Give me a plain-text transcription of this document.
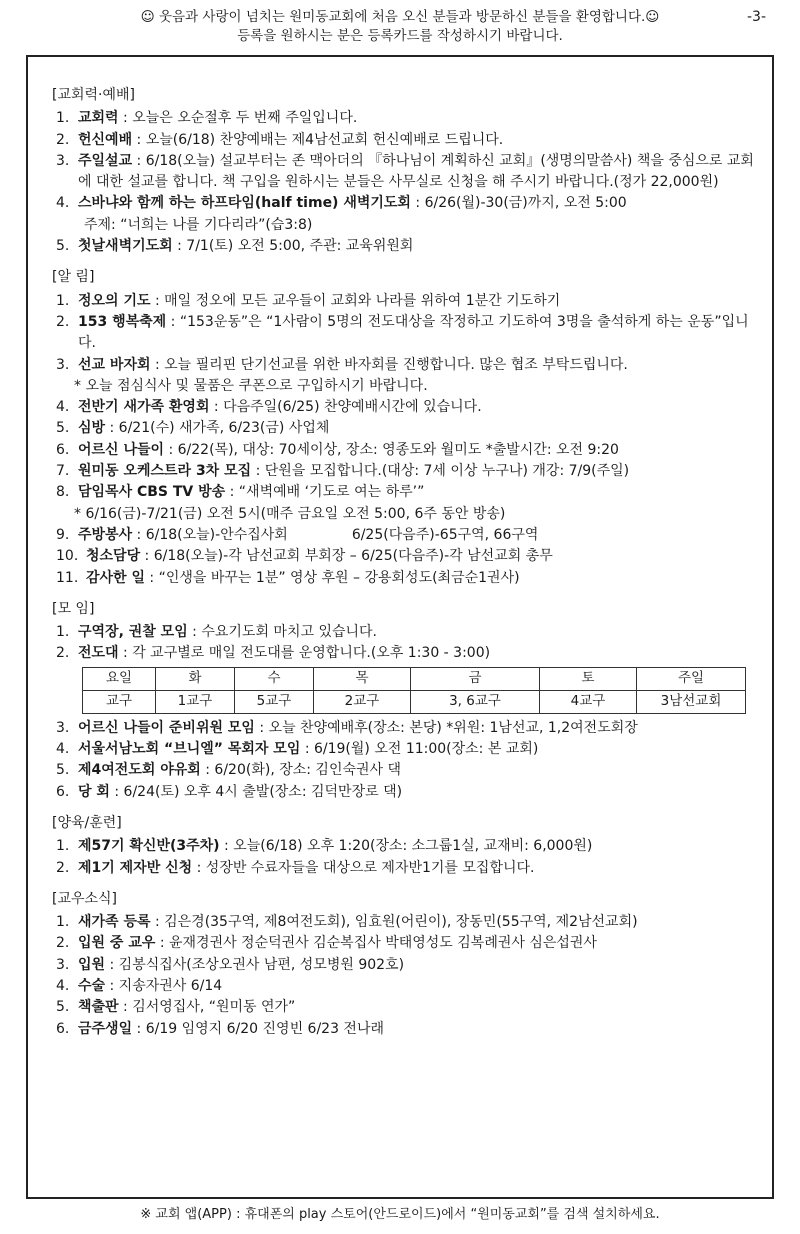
☺ 웃음과 사랑이 넘치는 원미동교회에 처음 오신 분들과 방문하신 분들을 환영합니다.☺
등록을 원하시는 분은 등록카드를 작성하시기 바랍니다.
-3-
[교회력·예배]
1. 교회력 : 오늘은 오순절후 두 번째 주일입니다.
2. 헌신예배 : 오늘(6/18) 찬양예배는 제4남선교회 헌신예배로 드립니다.
3. 주일설교 : 6/18(오늘) 설교부터는 존 맥아더의 『하나님이 계획하신 교회』(생명의말씀사) 책을 중심으로 교회에 대한 설교를 합니다. 책 구입을 원하시는 분들은 사무실로 신청을 해 주시기 바랍니다.(정가 22,000원)
4. 스바냐와 함께 하는 하프타임(half time) 새벽기도회 : 6/26(월)-30(금)까지, 오전 5:00
주제: “너희는 나를 기다리라”(습3:8)
5. 첫날새벽기도회 : 7/1(토) 오전 5:00, 주관: 교육위원회
[알 림]
1. 정오의 기도 : 매일 정오에 모든 교우들이 교회와 나라를 위하여 1분간 기도하기
2. 153 행복축제 : “153운동”은 “1사람이 5명의 전도대상을 작정하고 기도하여 3명을 출석하게 하는 운동”입니다.
3. 선교 바자회 : 오늘 필리핀 단기선교를 위한 바자회를 진행합니다. 많은 협조 부탁드립니다.
* 오늘 점심식사 및 물품은 쿠폰으로 구입하시기 바랍니다.
4. 전반기 새가족 환영회 : 다음주일(6/25) 찬양예배시간에 있습니다.
5. 심방 : 6/21(수) 새가족, 6/23(금) 사업체
6. 어르신 나들이 : 6/22(목), 대상: 70세이상, 장소: 영종도와 월미도 *출발시간: 오전 9:20
7. 원미동 오케스트라 3차 모집 : 단원을 모집합니다.(대상: 7세 이상 누구나) 개강: 7/9(주일)
8. 담임목사 CBS TV 방송 : “새벽예배 ‘기도로 여는 하루’”
* 6/16(금)-7/21(금) 오전 5시(매주 금요일 오전 5:00, 6주 동안 방송)
9. 주방봉사 : 6/18(오늘)-안수집사회	6/25(다음주)-65구역, 66구역
10. 청소담당 : 6/18(오늘)-각 남선교회 부회장 – 6/25(다음주)-각 남선교회 총무
11. 감사한 일 : “인생을 바꾸는 1분” 영상 후원 – 강용회성도(최금순1권사)
[모 임]
1. 구역장, 권찰 모임 : 수요기도회 마치고 있습니다.
2. 전도대 : 각 교구별로 매일 전도대를 운영합니다.(오후 1:30 - 3:00)
요일	화	수	목	금	토	주일
교구	1교구	5교구	2교구	3, 6교구	4교구	3남선교회
3. 어르신 나들이 준비위원 모임 : 오늘 찬양예배후(장소: 본당) *위원: 1남선교, 1,2여전도회장
4. 서울서남노회 “브니엘” 목회자 모임 : 6/19(월) 오전 11:00(장소: 본 교회)
5. 제4여전도회 야유회 : 6/20(화), 장소: 김인숙권사 댁
6. 당 회 : 6/24(토) 오후 4시 출발(장소: 김덕만장로 댁)
[양육/훈련]
1. 제57기 확신반(3주차) : 오늘(6/18) 오후 1:20(장소: 소그룹1실, 교재비: 6,000원)
2. 제1기 제자반 신청 : 성장반 수료자들을 대상으로 제자반1기를 모집합니다.
[교우소식]
1. 새가족 등록 : 김은경(35구역, 제8여전도회), 임효원(어린이), 장동민(55구역, 제2남선교회)
2. 입원 중 교우 : 윤재경권사 정순덕권사 김순복집사 박태영성도 김복례권사 심은섭권사
3. 입원 : 김봉식집사(조상오권사 남편, 성모병원 902호)
4. 수술 : 지송자권사 6/14
5. 책출판 : 김서영집사, “원미동 연가”
6. 금주생일 : 6/19 임영지 6/20 진영빈 6/23 전나래
※ 교회 앱(APP) : 휴대폰의 play 스토어(안드로이드)에서 “원미동교회”를 검색 설치하세요.
